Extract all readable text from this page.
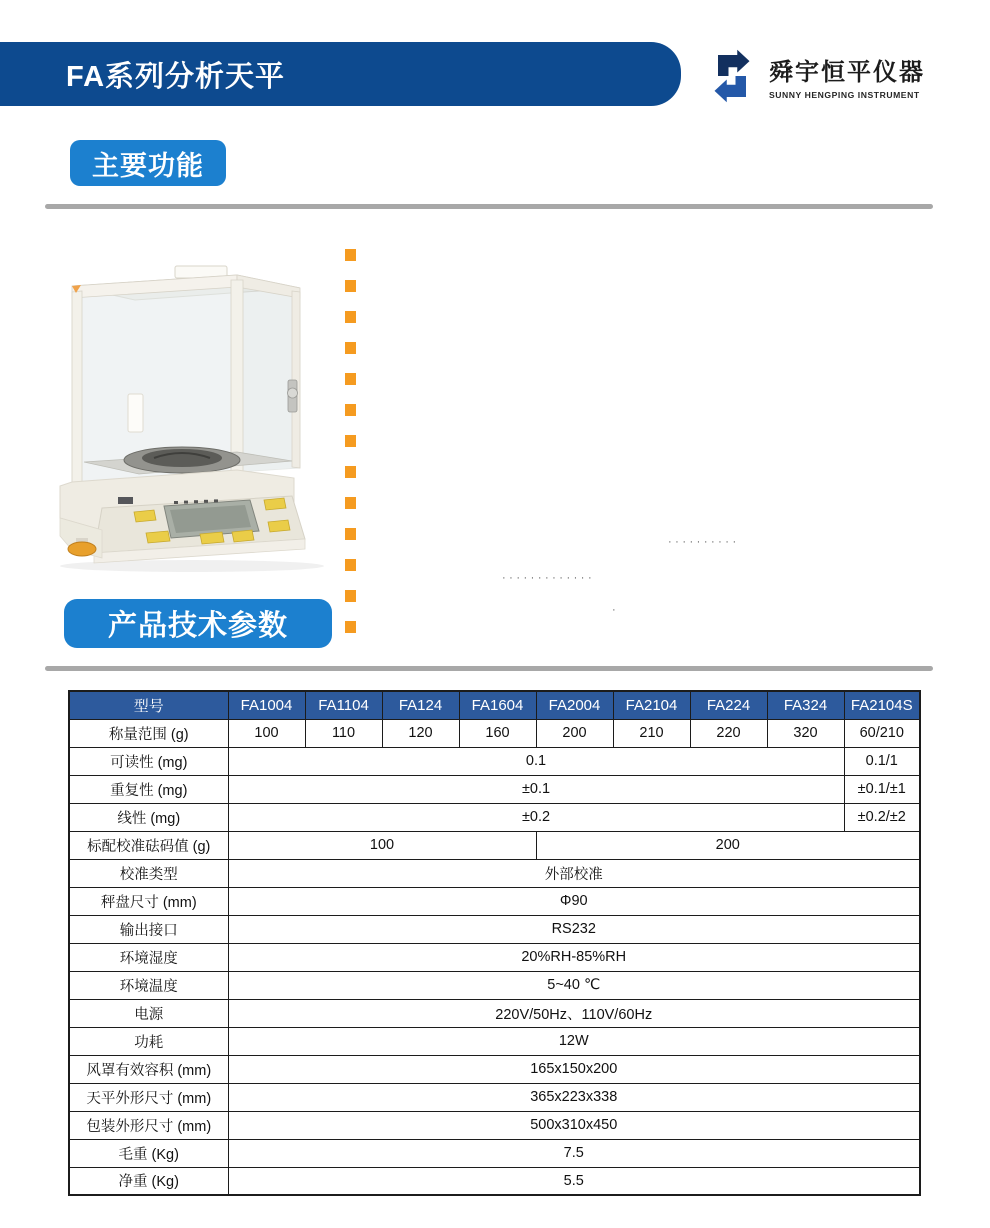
FA系列分析天平	舜宇恒平仪器
SUNNY HENGPING INSTRUMENT
主要功能
··········
·············
·
产品技术参数
型号	FA1004	FA1104	FA124	FA1604	FA2004	FA2104	FA224	FA324	FA2104S
称量范围 (g)	100	110	120	160	200	210	220	320	60/210
可读性 (mg)	0.1								0.1/1
重复性 (mg)	±0.1								±0.1/±1
线性 (mg)	±0.2								±0.2/±2
标配校准砝码值 (g)	100				200				
校准类型	外部校准								
秤盘尺寸 (mm)	Φ90								
输出接口	RS232								
环境湿度	20%RH-85%RH								
环境温度	5~40 ℃								
电源	220V/50Hz、110V/60Hz								
功耗	12W								
风罩有效容积 (mm)	165x150x200								
天平外形尺寸 (mm)	365x223x338								
包装外形尺寸 (mm)	500x310x450								
毛重 (Kg)	7.5								
净重 (Kg)	5.5								
